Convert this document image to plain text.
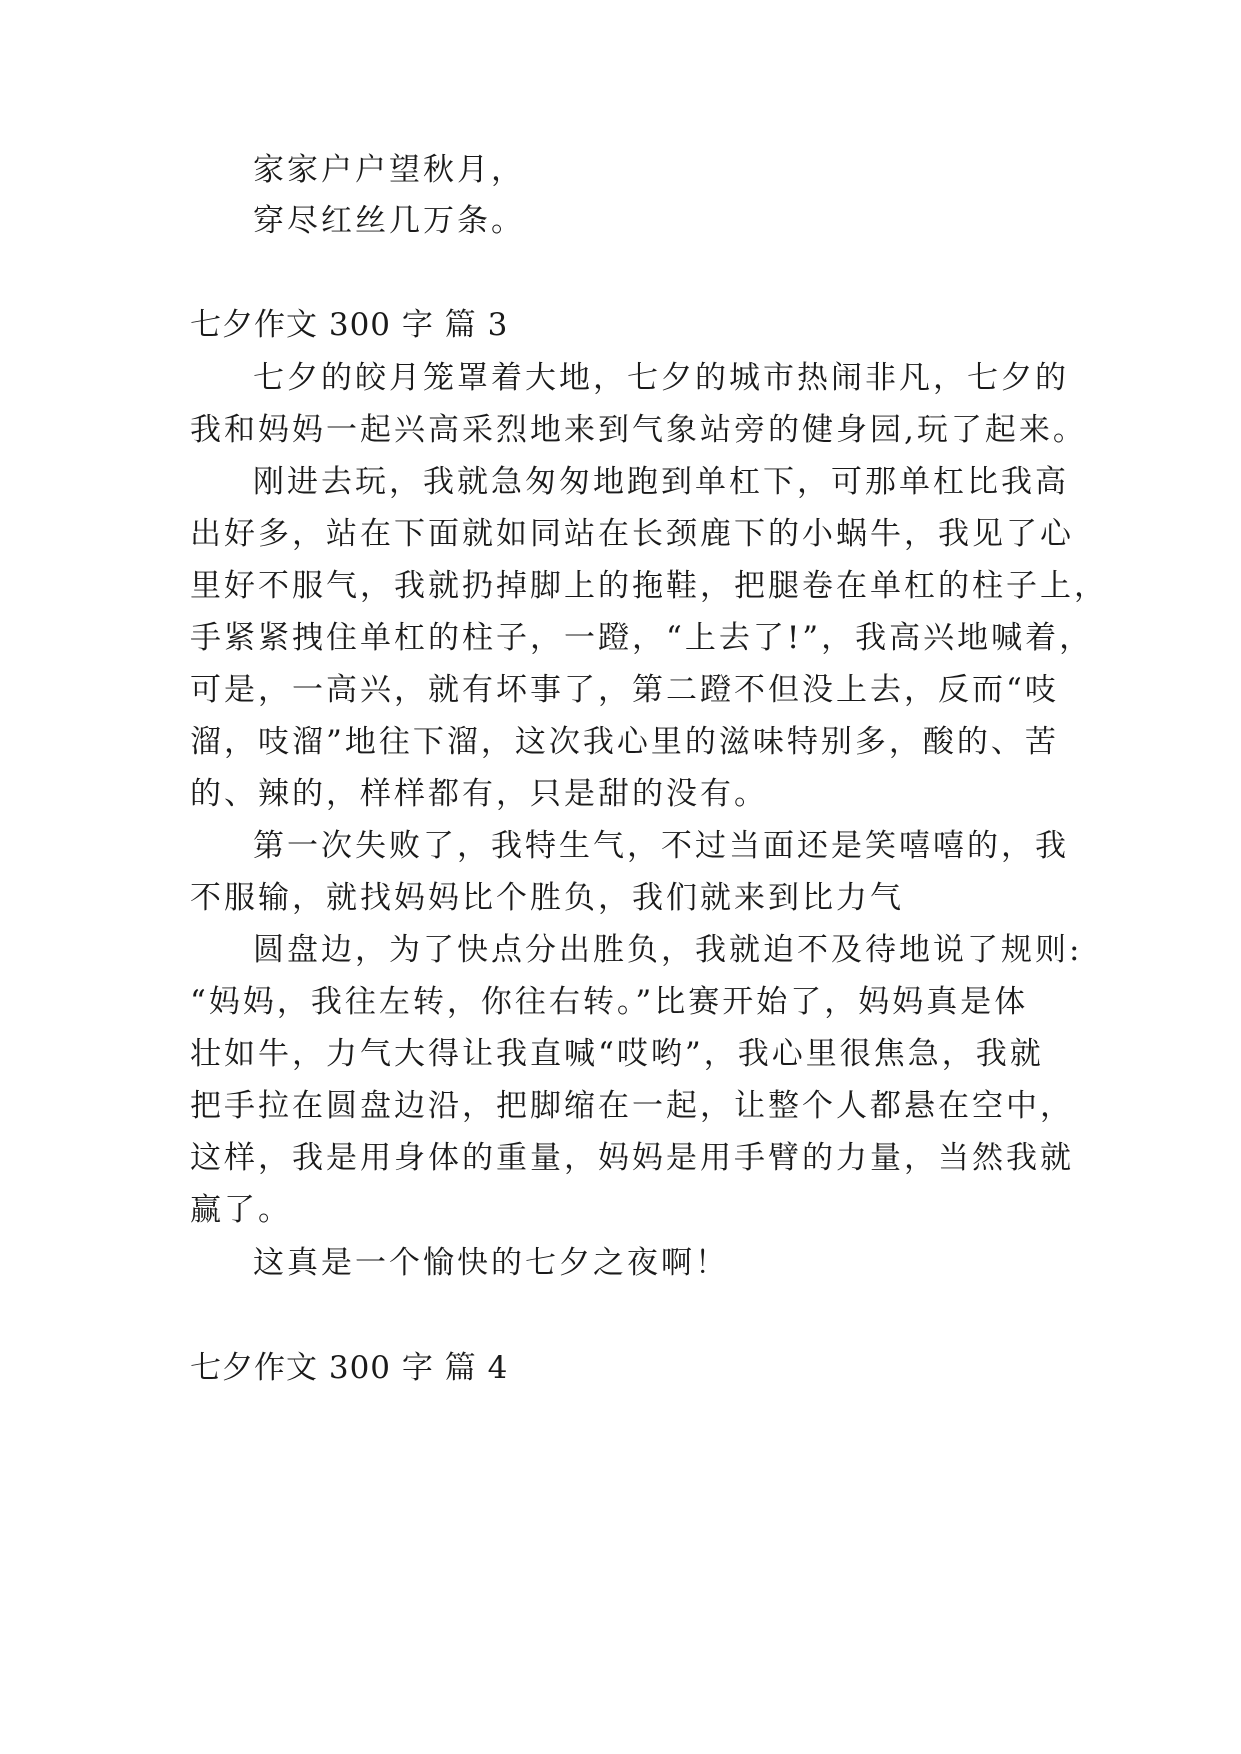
家家户户望秋月，
穿尽红丝几万条。
七夕作文 300 字 篇 3
七夕的皎月笼罩着大地，七夕的城市热闹非凡，七夕的
我和妈妈一起兴高采烈地来到气象站旁的健身园,玩了起来。
刚进去玩，我就急匆匆地跑到单杠下，可那单杠比我高
出好多，站在下面就如同站在长颈鹿下的小蜗牛，我见了心
里好不服气，我就扔掉脚上的拖鞋，把腿卷在单杠的柱子上，
手紧紧拽住单杠的柱子，一蹬，“上去了!”，我高兴地喊着，
可是，一高兴，就有坏事了，第二蹬不但没上去，反而“吱
溜，吱溜”地往下溜，这次我心里的滋味特别多，酸的、苦
的、辣的，样样都有，只是甜的没有。
第一次失败了，我特生气，不过当面还是笑嘻嘻的，我
不服输，就找妈妈比个胜负，我们就来到比力气
圆盘边，为了快点分出胜负，我就迫不及待地说了规则:
“妈妈，我往左转，你往右转。”比赛开始了，妈妈真是体
壮如牛，力气大得让我直喊“哎哟”，我心里很焦急，我就
把手拉在圆盘边沿，把脚缩在一起，让整个人都悬在空中，
这样，我是用身体的重量，妈妈是用手臂的力量，当然我就
赢了。
这真是一个愉快的七夕之夜啊！
七夕作文 300 字 篇 4
